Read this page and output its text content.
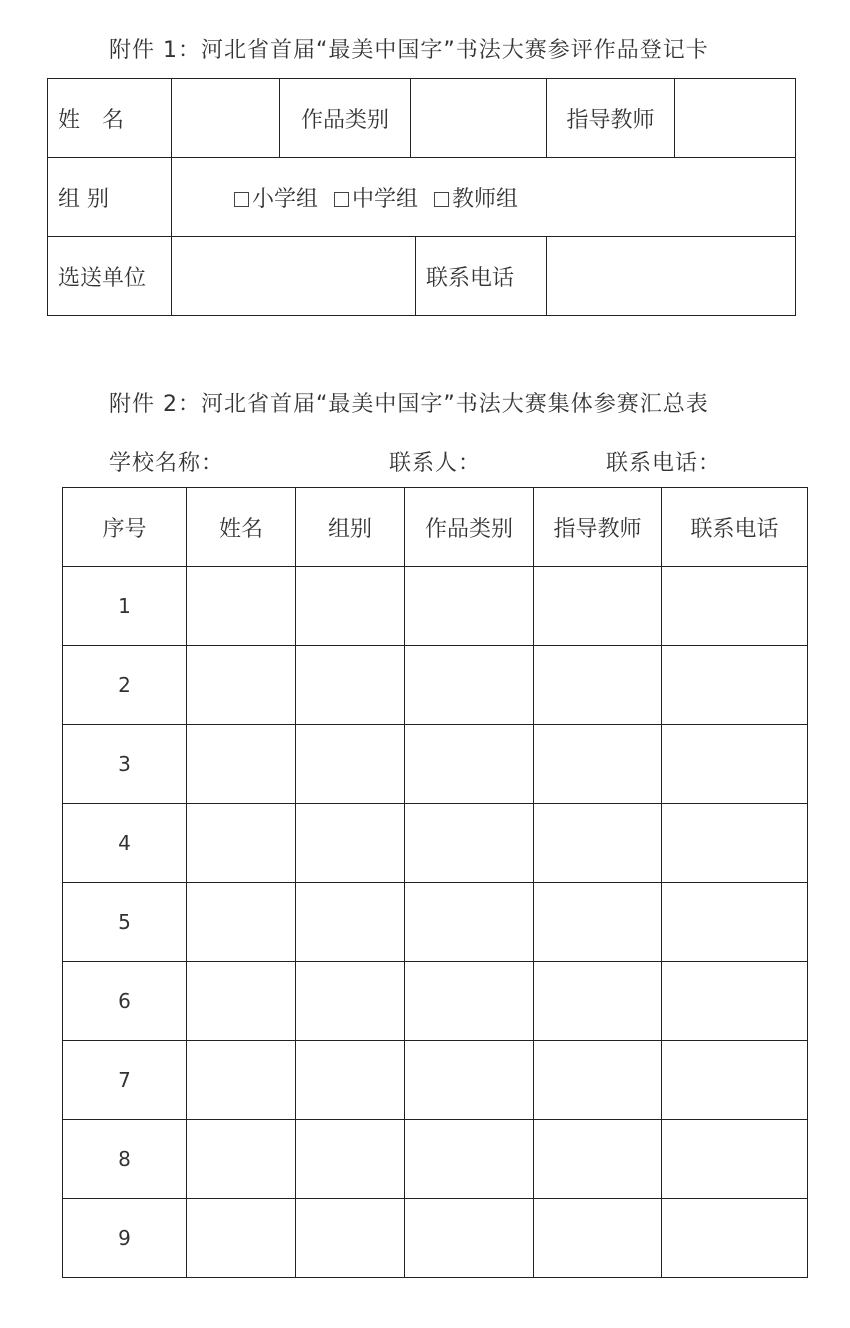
附件 1：河北省首届“最美中国字”书法大赛参评作品登记卡
姓　名		作品类别			指导教师	
组 别	小学组 中学组 教师组					
选送单位				联系电话		
附件 2：河北省首届“最美中国字”书法大赛集体参赛汇总表
学校名称：	联系人：	联系电话：
序号	姓名	组别	作品类别	指导教师	联系电话
1					
2					
3					
4					
5					
6					
7					
8					
9					
